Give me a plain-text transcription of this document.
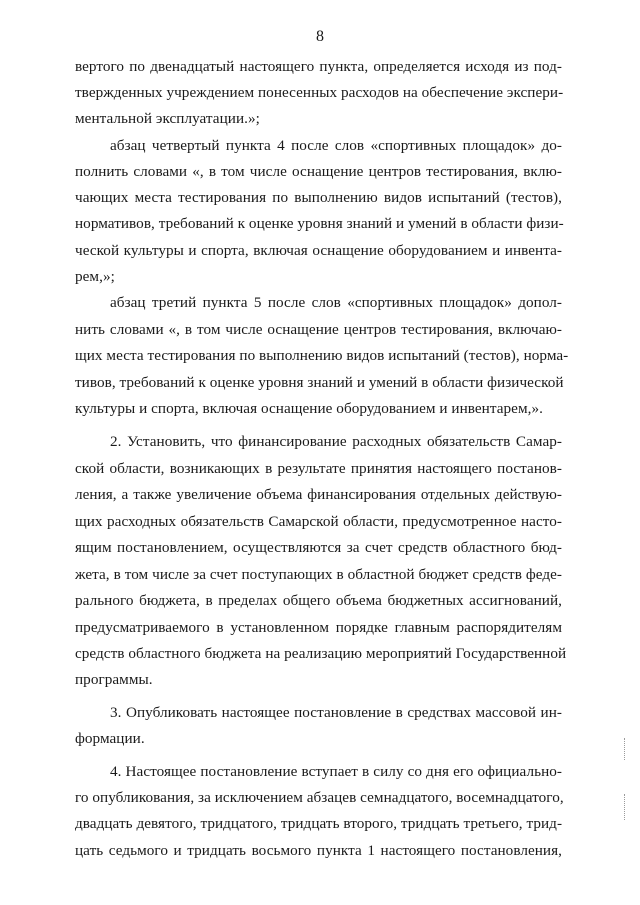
8
вертого по двенадцатый настоящего пункта, определяется исходя из под-
твержденных учреждением понесенных расходов на обеспечение экспери-
ментальной эксплуатации.»;
абзац четвертый пункта 4 после слов «спортивных площадок» до-
полнить словами «, в том числе оснащение центров тестирования, вклю-
чающих места тестирования по выполнению видов испытаний (тестов),
нормативов, требований к оценке уровня знаний и умений в области физи-
ческой культуры и спорта, включая оснащение оборудованием и инвента-
рем,»;
абзац третий пункта 5 после слов «спортивных площадок» допол-
нить словами «, в том числе оснащение центров тестирования, включаю-
щих места тестирования по выполнению видов испытаний (тестов), норма-
тивов, требований к оценке уровня знаний и умений в области физической
культуры и спорта, включая оснащение оборудованием и инвентарем,».
2. Установить, что финансирование расходных обязательств Самар-
ской области, возникающих в результате принятия настоящего постанов-
ления, а также увеличение объема финансирования отдельных действую-
щих расходных обязательств Самарской области, предусмотренное насто-
ящим постановлением, осуществляются за счет средств областного бюд-
жета, в том числе за счет поступающих в областной бюджет средств феде-
рального бюджета, в пределах общего объема бюджетных ассигнований,
предусматриваемого в установленном порядке главным распорядителям
средств областного бюджета на реализацию мероприятий Государственной
программы.
3. Опубликовать настоящее постановление в средствах массовой ин-
формации.
4. Настоящее постановление вступает в силу со дня его официально-
го опубликования, за исключением абзацев семнадцатого, восемнадцатого,
двадцать девятого, тридцатого, тридцать второго, тридцать третьего, трид-
цать седьмого и тридцать восьмого пункта 1 настоящего постановления,
